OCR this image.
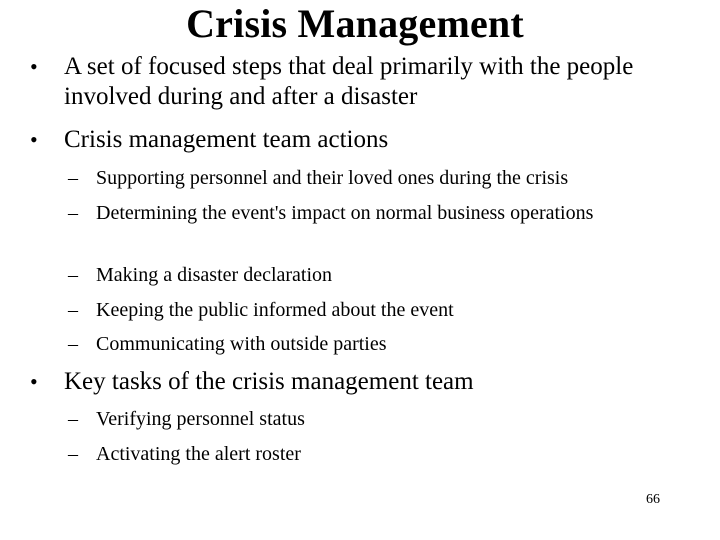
Crisis Management
• A set of focused steps that deal primarily with the people involved during and after a disaster
• Crisis management team actions
– Supporting personnel and their loved ones during the crisis
– Determining the event's impact on normal business operations
– Making a disaster declaration
– Keeping the public informed about the event
– Communicating with outside parties
• Key tasks of the crisis management team
– Verifying personnel status
– Activating the alert roster
66
